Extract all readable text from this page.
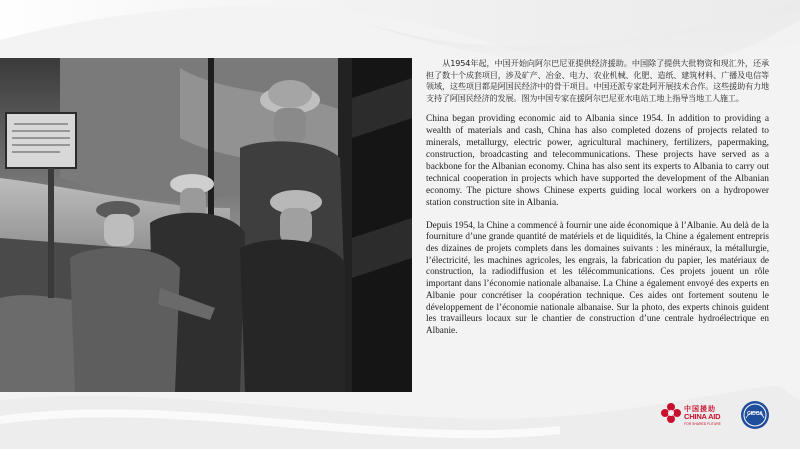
从1954年起，中国开始向阿尔巴尼亚提供经济援助。中国除了提供大批物资和现汇外，还承担了数十个成套项目，涉及矿产、冶金、电力、农业机械、化肥、造纸、建筑材料、广播及电信等领域，这些项目都是阿国民经济中的骨干项目。中国还派专家赴阿开展技术合作。这些援助有力地支持了阿国民经济的发展。图为中国专家在援阿尔巴尼亚水电站工地上指导当地工人施工。

China began providing economic aid to Albania since 1954. In addition to providing a wealth of materials and cash, China has also completed dozens of projects related to minerals, metallurgy, electric power, agricultural machinery, fertilizers, papermaking, construction, broadcasting and telecommunications. These projects have served as a backbone for the Albanian economy. China has also sent its experts to Albania to carry out technical cooperation in projects which have supported the development of the Albanian economy. The picture shows Chinese experts guiding local workers on a hydropower station construction site in Albania.

Depuis 1954, la Chine a commencé à fournir une aide économique à l’Albanie. Au delà de la fourniture d’une grande quantité de matériels et de liquidités, la Chine a également entrepris des dizaines de projets complets dans les domaines suivants : les minéraux, la métallurgie, l’électricité, les machines agricoles, les engrais, la fabrication du papier, les matériaux de construction, la radiodiffusion et les télécommunications. Ces projets jouent un rôle important dans l’économie nationale albanaise. La Chine a également envoyé des experts en Albanie pour concrétiser la coopération technique. Ces aides ont fortement soutenu le développement de l’économie nationale albanaise. Sur la photo, des experts chinois guident les travailleurs locaux sur le chantier de construction d’une centrale hydroélectrique en Albanie.

中国援助
CHINA AID
FOR SHARED FUTURE
CIDCA
